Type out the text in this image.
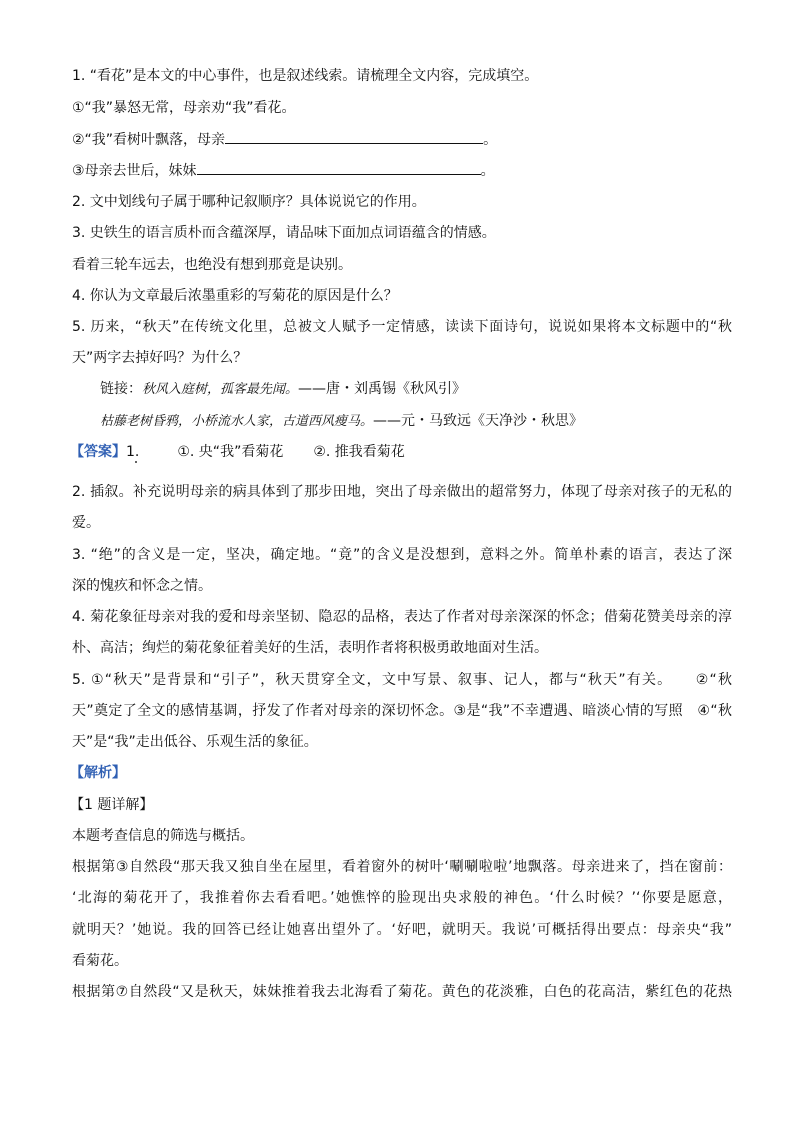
1. “看花”是本文的中心事件，也是叙述线索。请梳理全文内容，完成填空。
①“我”暴怒无常，母亲劝“我”看花。
②“我”看树叶飘落，母亲	。
③母亲去世后，妹妹	。
2. 文中划线句子属于哪种记叙顺序？具体说说它的作用。
3. 史铁生的语言质朴而含蕴深厚，请品味下面加点词语蕴含的情感。
看着三轮车远去，也绝没有想到那竟是诀别。
4. 你认为文章最后浓墨重彩的写菊花的原因是什么？
5. 历来，“秋天”在传统文化里，总被文人赋予一定情感，读读下面诗句，说说如果将本文标题中的“秋
天”两字去掉好吗？为什么？
链接：秋风入庭树，孤客最先闻。——唐・刘禹锡《秋风引》
枯藤老树昏鸦，小桥流水人家，古道西风瘦马。——元・马致远《天净沙・秋思》
【答案】1.	①. 央“我”看菊花 ②. 推我看菊花
2. 插叙。补充说明母亲的病具体到了那步田地，突出了母亲做出的超常努力，体现了母亲对孩子的无私的
爱。
3. “绝”的含义是一定，坚决，确定地。“竟”的含义是没想到，意料之外。简单朴素的语言，表达了深
深的愧疚和怀念之情。
4. 菊花象征母亲对我的爱和母亲坚韧、隐忍的品格，表达了作者对母亲深深的怀念；借菊花赞美母亲的淳
朴、高洁；绚烂的菊花象征着美好的生活，表明作者将积极勇敢地面对生活。
5. ①“秋天”是背景和“引子”，秋天贯穿全文，文中写景、叙事、记人，都与“秋天”有关。　　②“秋
天”奠定了全文的感情基调，抒发了作者对母亲的深切怀念。③是“我”不幸遭遇、暗淡心情的写照　④“秋
天”是“我”走出低谷、乐观生活的象征。
【解析】
【1 题详解】
本题考查信息的筛选与概括。
根据第③自然段“那天我又独自坐在屋里，看着窗外的树叶‘唰唰啦啦’地飘落。母亲进来了，挡在窗前：
‘北海的菊花开了，我推着你去看看吧。’她憔悴的脸现出央求般的神色。‘什么时候？’‘你要是愿意，
就明天？’她说。我的回答已经让她喜出望外了。‘好吧，就明天。我说’可概括得出要点：母亲央“我”
看菊花。
根据第⑦自然段“又是秋天，妹妹推着我去北海看了菊花。黄色的花淡雅，白色的花高洁，紫红色的花热
